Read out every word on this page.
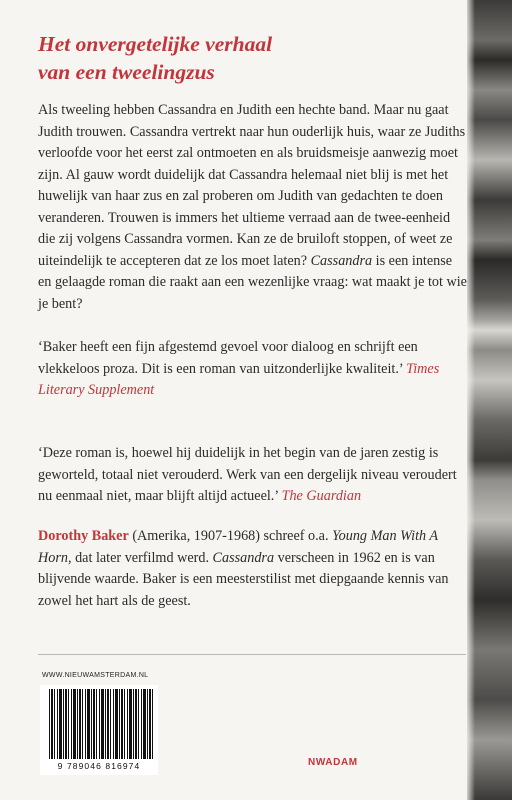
Het onvergetelijke verhaal
van een tweelingzus

Als tweeling hebben Cassandra en Judith een hechte band. Maar nu gaat Judith trouwen. Cassandra vertrekt naar hun ouderlijk huis, waar ze Judiths verloofde voor het eerst zal ontmoeten en als bruidsmeisje aanwezig moet zijn. Al gauw wordt duidelijk dat Cassandra helemaal niet blij is met het huwelijk van haar zus en zal proberen om Judith van gedachten te doen veranderen. Trouwen is immers het ultieme verraad aan de twee-eenheid die zij volgens Cassandra vormen. Kan ze de bruiloft stoppen, of weet ze uiteindelijk te accepteren dat ze los moet laten? Cassandra is een intense en gelaagde roman die raakt aan een wezenlijke vraag: wat maakt je tot wie je bent?

‘Baker heeft een fijn afgestemd gevoel voor dialoog en schrijft een vlekkeloos proza. Dit is een roman van uitzonderlijke kwaliteit.’ Times Literary Supplement

‘Deze roman is, hoewel hij duidelijk in het begin van de jaren zestig is geworteld, totaal niet verouderd. Werk van een dergelijk niveau veroudert nu eenmaal niet, maar blijft altijd actueel.’ The Guardian

Dorothy Baker (Amerika, 1907-1968) schreef o.a. Young Man With A Horn, dat later verfilmd werd. Cassandra verscheen in 1962 en is van blijvende waarde. Baker is een meesterstilist met diepgaande kennis van zowel het hart als de geest.

WWW.NIEUWAMSTERDAM.NL
9 789046 816974	NWADAM
